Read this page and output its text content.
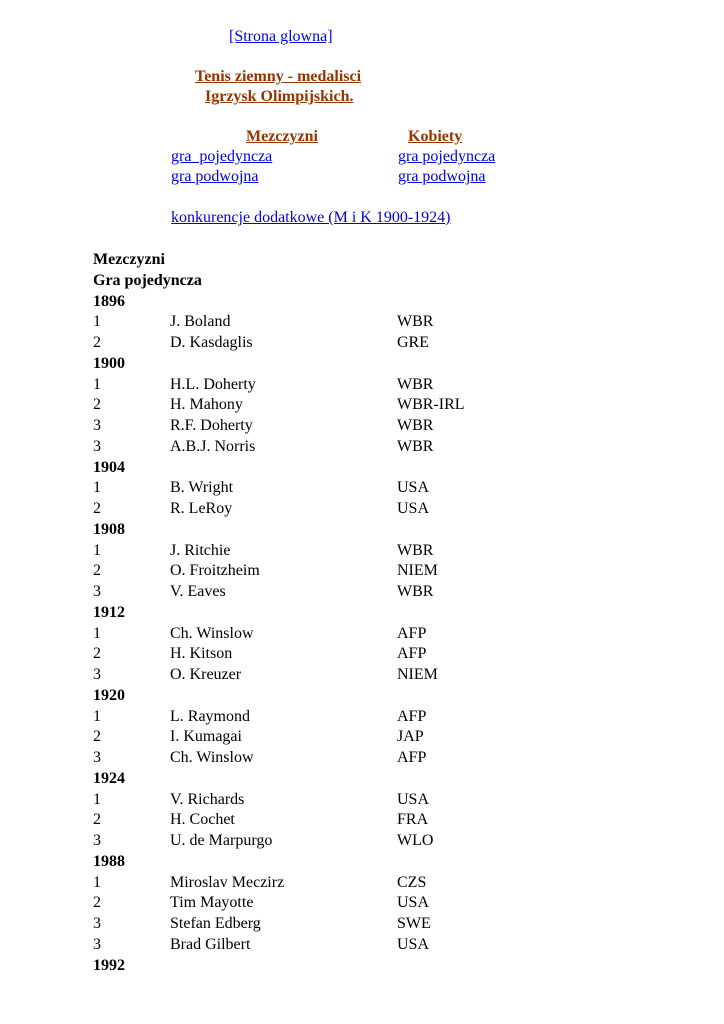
[Strona glowna]
Tenis ziemny - medalisci
Igrzysk Olimpijskich.
Mezczyzni	Kobiety
gra  pojedyncza	gra pojedyncza
gra podwojna	gra podwojna
konkurencje dodatkowe (M i K 1900-1924)
Mezczyzni
Gra pojedyncza
1896
1	J. Boland	WBR
2	D. Kasdaglis	GRE
1900
1	H.L. Doherty	WBR
2	H. Mahony	WBR-IRL
3	R.F. Doherty	WBR
3	A.B.J. Norris	WBR
1904
1	B. Wright	USA
2	R. LeRoy	USA
1908
1	J. Ritchie	WBR
2	O. Froitzheim	NIEM
3	V. Eaves	WBR
1912
1	Ch. Winslow	AFP
2	H. Kitson	AFP
3	O. Kreuzer	NIEM
1920
1	L. Raymond	AFP
2	I. Kumagai	JAP
3	Ch. Winslow	AFP
1924
1	V. Richards	USA
2	H. Cochet	FRA
3	U. de Marpurgo	WLO
1988
1	Miroslav Meczirz	CZS
2	Tim Mayotte	USA
3	Stefan Edberg	SWE
3	Brad Gilbert	USA
1992
